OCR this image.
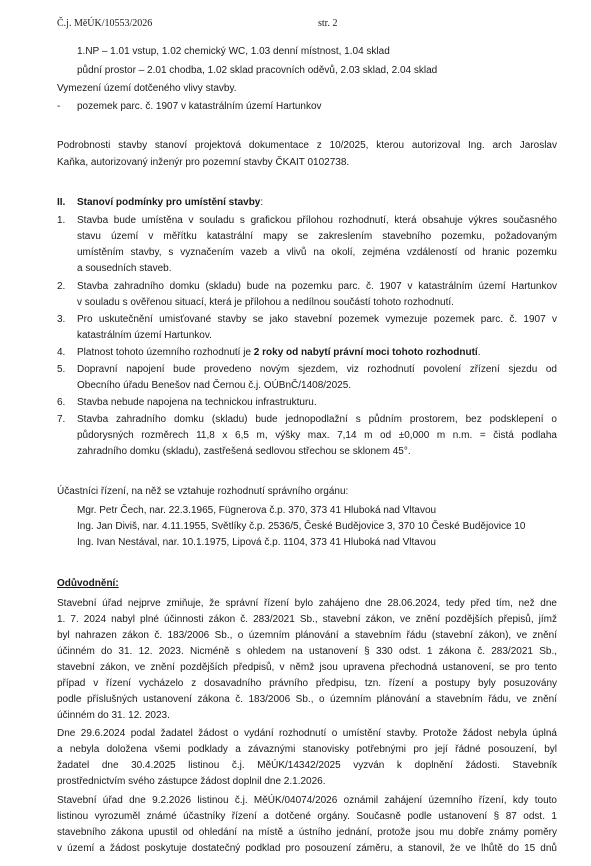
Č.j. MěÚK/10553/2026	str. 2
1.NP – 1.01 vstup, 1.02 chemický WC, 1.03 denní místnost, 1.04 sklad
půdní prostor – 2.01 chodba, 1.02 sklad pracovních oděvů, 2.03 sklad, 2.04 sklad
Vymezení území dotčeného vlivy stavby.
- pozemek parc. č. 1907 v katastrálním území Hartunkov
Podrobnosti stavby stanoví projektová dokumentace z 10/2025, kterou autorizoval Ing. arch Jaroslav
Kaňka, autorizovaný inženýr pro pozemní stavby ČKAIT 0102738.
II. Stanoví podmínky pro umístění stavby:
1. Stavba bude umístěna v souladu s grafickou přílohou rozhodnutí, která obsahuje výkres současného
stavu území v měřítku katastrální mapy se zakreslením stavebního pozemku, požadovaným
umístěním stavby, s vyznačením vazeb a vlivů na okolí, zejména vzdáleností od hranic pozemku
a sousedních staveb.
2. Stavba zahradního domku (skladu) bude na pozemku parc. č. 1907 v katastrálním území Hartunkov
v souladu s ověřenou situací, která je přílohou a nedílnou součástí tohoto rozhodnutí.
3. Pro uskutečnění umisťované stavby se jako stavební pozemek vymezuje pozemek parc. č. 1907 v
katastrálním území Hartunkov.
4. Platnost tohoto územního rozhodnutí je 2 roky od nabytí právní moci tohoto rozhodnutí.
5. Dopravní napojení bude provedeno novým sjezdem, viz rozhodnutí povolení zřízení sjezdu od
Obecního úřadu Benešov nad Černou č.j. OÚBnČ/1408/2025.
6. Stavba nebude napojena na technickou infrastrukturu.
7. Stavba zahradního domku (skladu) bude jednopodlažní s půdním prostorem, bez podsklepení o
půdorysných rozměrech 11,8 x 6,5 m, výšky max. 7,14 m od ±0,000 m n.m. = čistá podlaha
zahradního domku (skladu), zastřešená sedlovou střechou se sklonem 45°.
Účastníci řízení, na něž se vztahuje rozhodnutí správního orgánu:
Mgr. Petr Čech, nar. 22.3.1965, Fügnerova č.p. 370, 373 41 Hluboká nad Vltavou
Ing. Jan Diviš, nar. 4.11.1955, Světlíky č.p. 2536/5, České Budějovice 3, 370 10 České Budějovice 10
Ing. Ivan Nestával, nar. 10.1.1975, Lipová č.p. 1104, 373 41 Hluboká nad Vltavou
Odůvodnění:
Stavební úřad nejprve zmiňuje, že správní řízení bylo zahájeno dne 28.06.2024, tedy před tím, než dne
1. 7. 2024 nabyl plné účinnosti zákon č. 283/2021 Sb., stavební zákon, ve znění pozdějších přepisů, jímž
byl nahrazen zákon č. 183/2006 Sb., o územním plánování a stavebním řádu (stavební zákon), ve znění
účinném do 31. 12. 2023. Nicméně s ohledem na ustanovení § 330 odst. 1 zákona č. 283/2021 Sb.,
stavební zákon, ve znění pozdějších předpisů, v němž jsou upravena přechodná ustanovení, se pro tento
případ v řízení vycházelo z dosavadního právního předpisu, tzn. řízení a postupy byly posuzovány
podle příslušných ustanovení zákona č. 183/2006 Sb., o územním plánování a stavebním řádu, ve znění
účinném do 31. 12. 2023.
Dne 29.6.2024 podal žadatel žádost o vydání rozhodnutí o umístění stavby. Protože žádost nebyla úplná
a nebyla doložena všemi podklady a závaznými stanovisky potřebnými pro její řádné posouzení, byl
žadatel dne 30.4.2025 listinou č.j. MěÚK/14342/2025 vyzván k doplnění žádosti. Stavebník
prostřednictvím svého zástupce žádost doplnil dne 2.1.2026.
Stavební úřad dne 9.2.2026 listinou č.j. MěÚK/04074/2026 oznámil zahájení územního řízení, kdy touto
listinou vyrozuměl známé účastníky řízení a dotčené orgány. Současně podle ustanovení § 87 odst. 1
stavebního zákona upustil od ohledání na místě a ústního jednání, protože jsou mu dobře známy poměry
v území a žádost poskytuje dostatečný podklad pro posouzení záměru, a stanovil, že ve lhůtě do 15 dnů
